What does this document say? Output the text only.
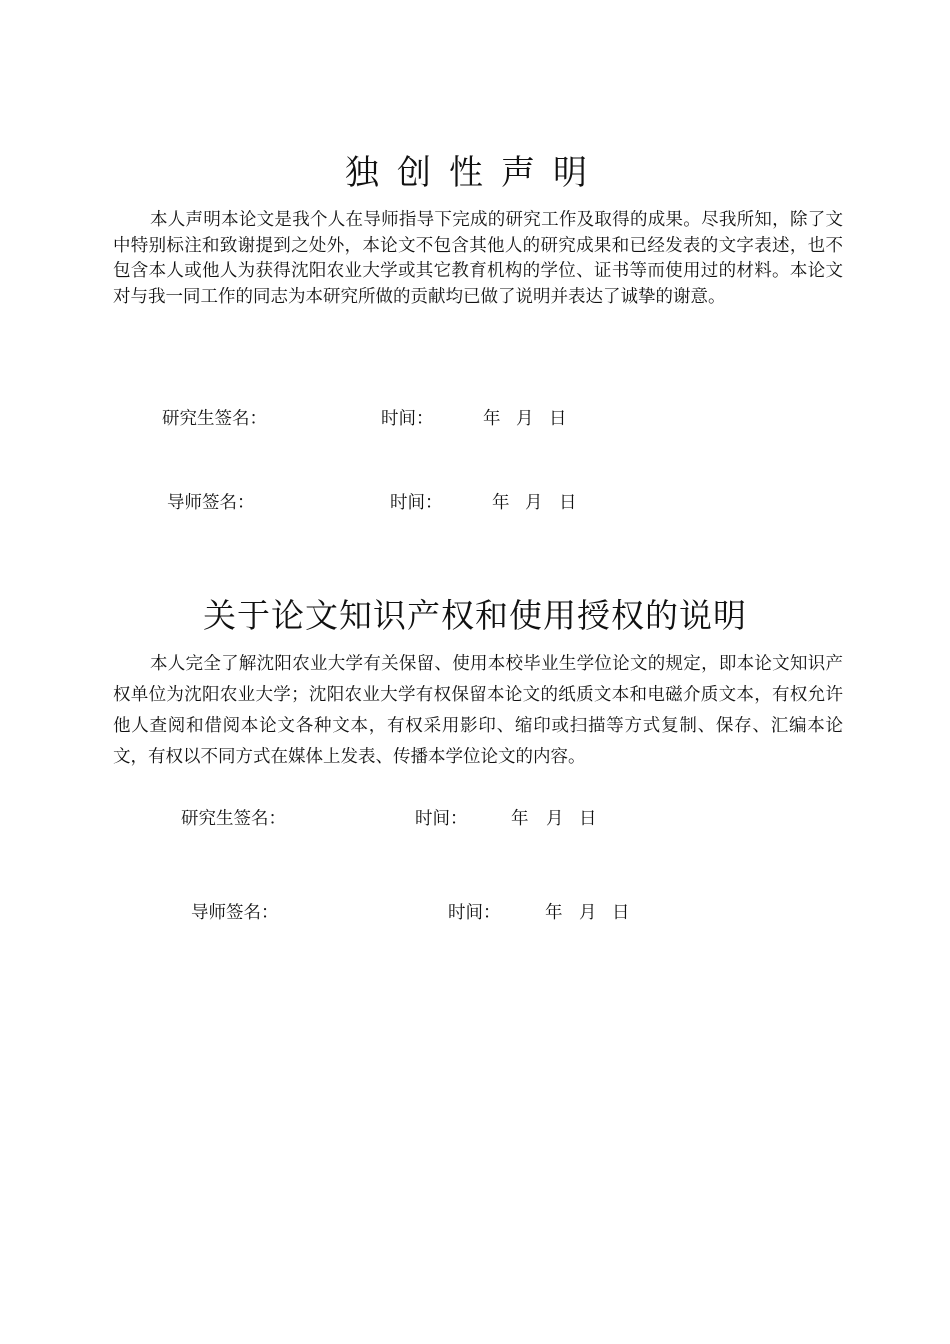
独创性声明

本人声明本论文是我个人在导师指导下完成的研究工作及取得的成果。尽我所知，除了文中特别标注和致谢提到之处外，本论文不包含其他人的研究成果和已经发表的文字表述，也不包含本人或他人为获得沈阳农业大学或其它教育机构的学位、证书等而使用过的材料。本论文对与我一同工作的同志为本研究所做的贡献均已做了说明并表达了诚挚的谢意。

研究生签名：	时间：	年 月 日
导师签名：	时间：	年 月 日
关于论文知识产权和使用授权的说明

本人完全了解沈阳农业大学有关保留、使用本校毕业生学位论文的规定，即本论文知识产权单位为沈阳农业大学；沈阳农业大学有权保留本论文的纸质文本和电磁介质文本，有权允许他人查阅和借阅本论文各种文本，有权采用影印、缩印或扫描等方式复制、保存、汇编本论文，有权以不同方式在媒体上发表、传播本学位论文的内容。

研究生签名：	时间： 年 月 日
导师签名：	时间：	年 月 日
